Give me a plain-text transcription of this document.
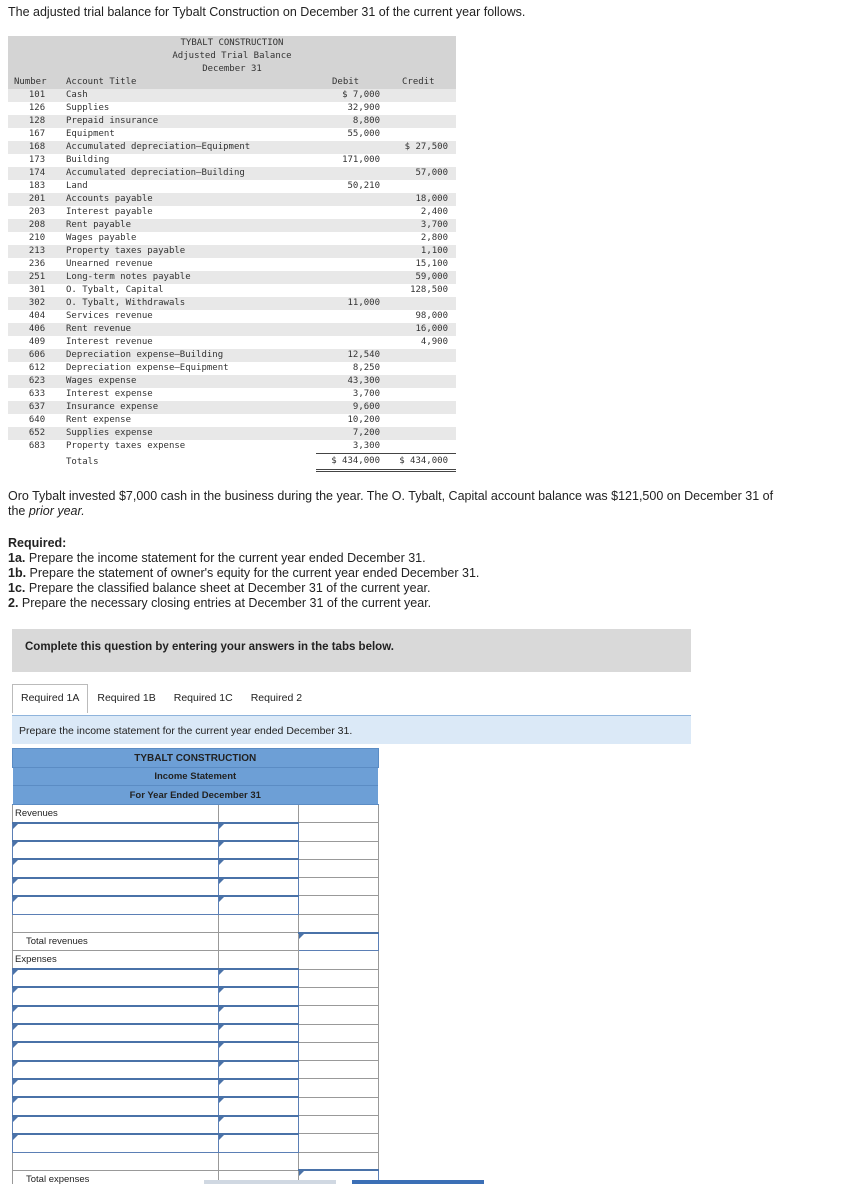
The adjusted trial balance for Tybalt Construction on December 31 of the current year follows.
TYBALT CONSTRUCTION
Adjusted Trial Balance
December 31
Number Account Title	Debit	Credit
101	Cash	$ 7,000	
126	Supplies	32,900	
128	Prepaid insurance	8,800	
167	Equipment	55,000	
168	Accumulated depreciation—Equipment		$ 27,500
173	Building	171,000	
174	Accumulated depreciation—Building		57,000
183	Land	50,210	
201	Accounts payable		18,000
203	Interest payable		2,400
208	Rent payable		3,700
210	Wages payable		2,800
213	Property taxes payable		1,100
236	Unearned revenue		15,100
251	Long-term notes payable		59,000
301	O. Tybalt, Capital		128,500
302	O. Tybalt, Withdrawals	11,000	
404	Services revenue		98,000
406	Rent revenue		16,000
409	Interest revenue		4,900
606	Depreciation expense—Building	12,540	
612	Depreciation expense—Equipment	8,250	
623	Wages expense	43,300	
633	Interest expense	3,700	
637	Insurance expense	9,600	
640	Rent expense	10,200	
652	Supplies expense	7,200	
683	Property taxes expense	3,300	
	Totals	$ 434,000	$ 434,000
Oro Tybalt invested $7,000 cash in the business during the year. The O. Tybalt, Capital account balance was $121,500 on December 31 of the prior year.
Required:
1a. Prepare the income statement for the current year ended December 31.
1b. Prepare the statement of owner's equity for the current year ended December 31.
1c. Prepare the classified balance sheet at December 31 of the current year.
2. Prepare the necessary closing entries at December 31 of the current year.
Complete this question by entering your answers in the tabs below.
Required 1A	Required 1B	Required 1C	Required 2
Prepare the income statement for the current year ended December 31.
TYBALT CONSTRUCTION		
Income Statement		
For Year Ended December 31		
Revenues		

Total revenues		
Expenses		

Total expenses		
